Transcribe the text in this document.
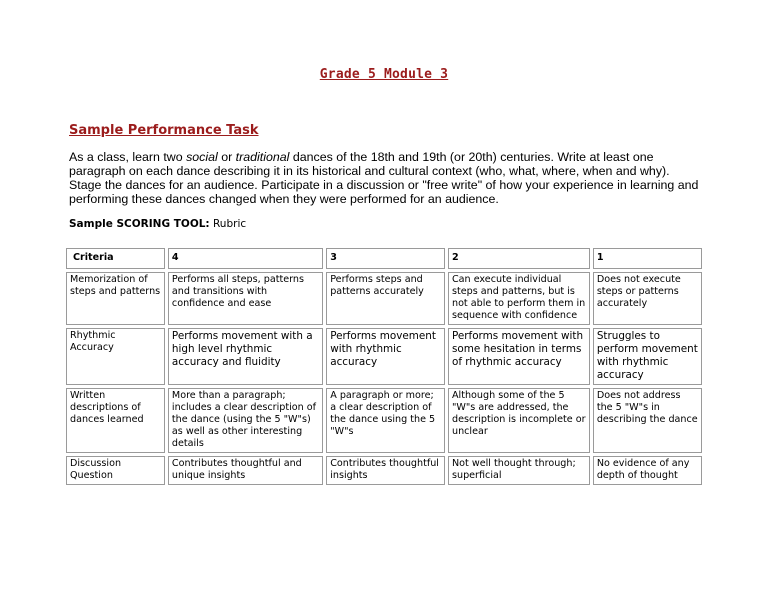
Grade 5 Module 3
Sample Performance Task

As a class, learn two social or traditional dances of the 18th and 19th (or 20th) centuries. Write at least one paragraph on each dance describing it in its historical and cultural context (who, what, where, when and why). Stage the dances for an audience. Participate in a discussion or "free write" of how your experience in learning and performing these dances changed when they were performed for an audience.

Sample SCORING TOOL: Rubric
Criteria	4	3	2	1
Memorization of steps and patterns	Performs all steps, patterns and transitions with confidence and ease	Performs steps and patterns accurately	Can execute individual steps and patterns, but is not able to perform them in sequence with confidence	Does not execute steps or patterns accurately
Rhythmic Accuracy	Performs movement with a high level rhythmic accuracy and fluidity	Performs movement with rhythmic accuracy	Performs movement with some hesitation in terms of rhythmic accuracy	Struggles to perform movement with rhythmic accuracy
Written descriptions of dances learned	More than a paragraph; includes a clear description of the dance (using the 5 "W"s) as well as other interesting details	A paragraph or more; a clear description of the dance using the 5 "W"s	Although some of the 5 "W"s are addressed, the description is incomplete or unclear	Does not address the 5 "W"s in describing the dance
Discussion Question	Contributes thoughtful and unique insights	Contributes thoughtful insights	Not well thought through; superficial	No evidence of any depth of thought
